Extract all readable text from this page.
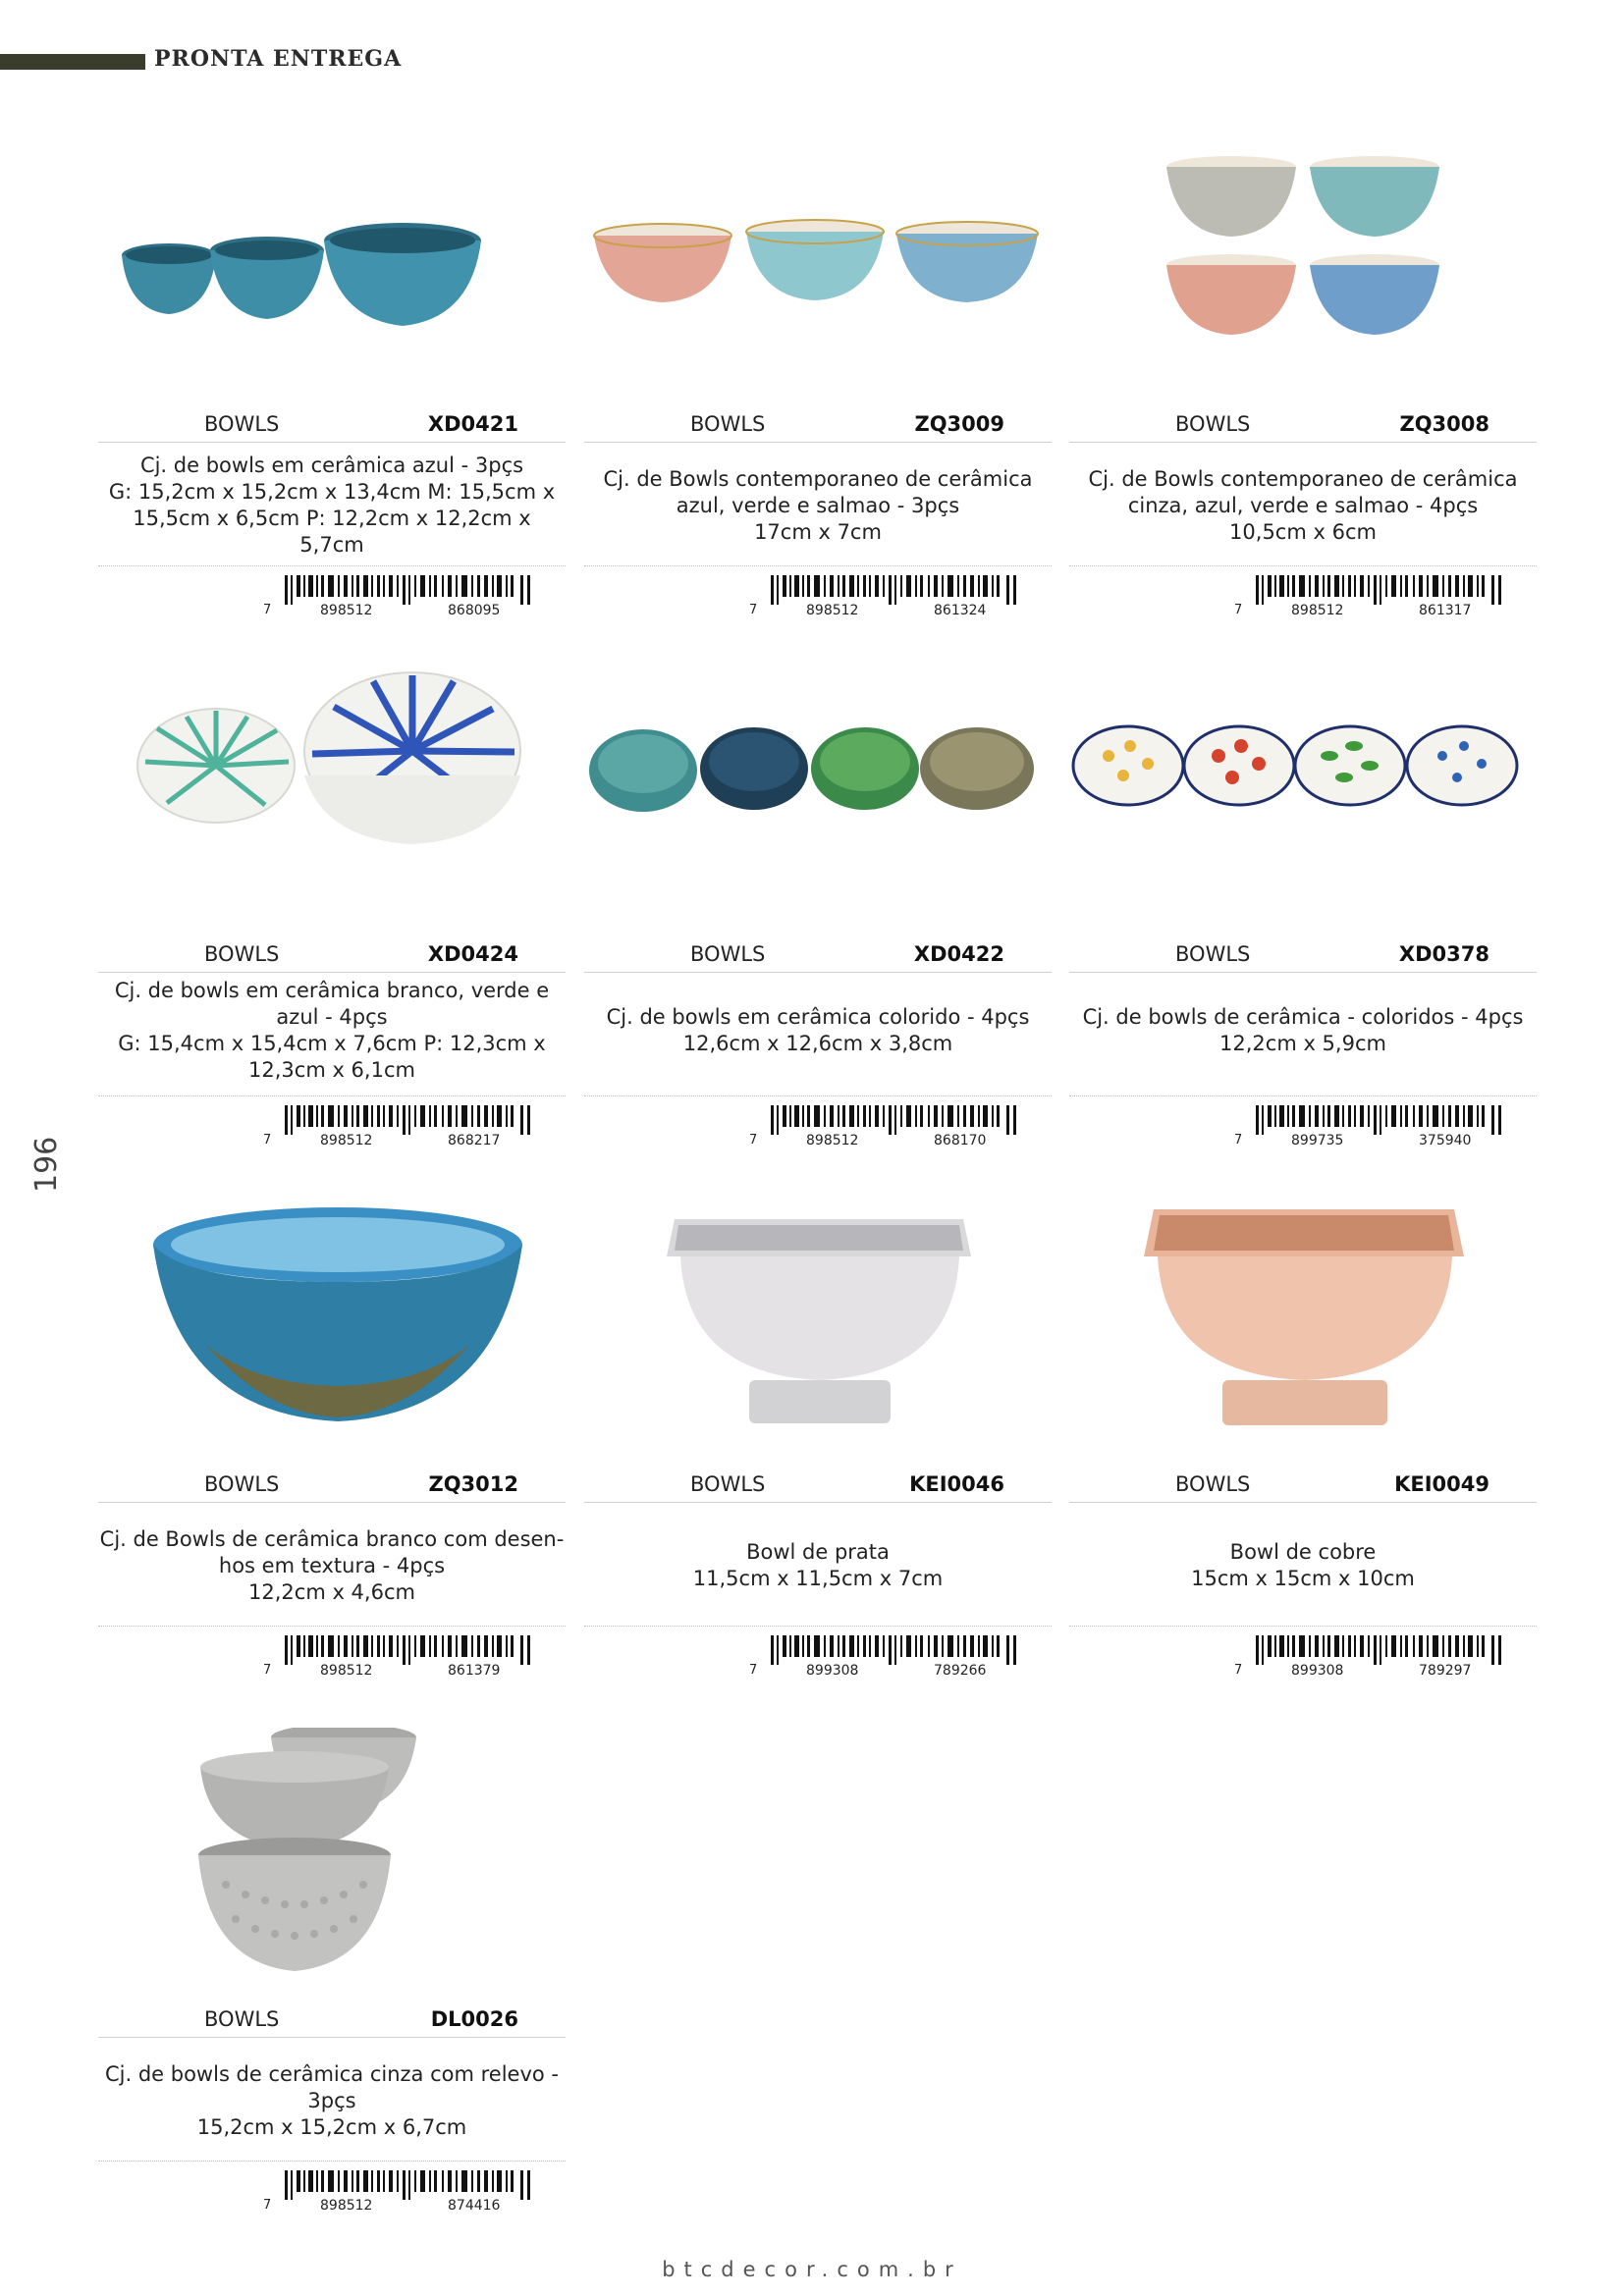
PRONTA ENTREGA
196
BOWLS	XD0421
Cj. de bowls em cerâmica azul - 3pçs
G: 15,2cm x 15,2cm x 13,4cm M: 15,5cm x
15,5cm x 6,5cm P: 12,2cm x 12,2cm x 5,7cm
7	898512	868095
BOWLS	ZQ3009
Cj. de Bowls contemporaneo de cerâmica
azul, verde e salmao - 3pçs
17cm x 7cm
7	898512	861324
BOWLS	ZQ3008
Cj. de Bowls contemporaneo de cerâmica
cinza, azul, verde e salmao - 4pçs
10,5cm x 6cm
7	898512	861317
BOWLS	XD0424
Cj. de bowls em cerâmica branco, verde e
azul - 4pçs
G: 15,4cm x 15,4cm x 7,6cm P: 12,3cm x
12,3cm x 6,1cm
7	898512	868217
BOWLS	XD0422
Cj. de bowls em cerâmica colorido - 4pçs
12,6cm x 12,6cm x 3,8cm
7	898512	868170
BOWLS	XD0378
Cj. de bowls de cerâmica - coloridos - 4pçs
12,2cm x 5,9cm
7	899735	375940
BOWLS	ZQ3012
Cj. de Bowls de cerâmica branco com desen-
hos em textura - 4pçs
12,2cm x 4,6cm
7	898512	861379
BOWLS	KEI0046
Bowl de prata
11,5cm x 11,5cm x 7cm
7	899308	789266
BOWLS	KEI0049
Bowl de cobre
15cm x 15cm x 10cm
7	899308	789297
BOWLS	DL0026
Cj. de bowls de cerâmica cinza com relevo -
3pçs
15,2cm x 15,2cm x 6,7cm
7	898512	874416
btcdecor.com.br
